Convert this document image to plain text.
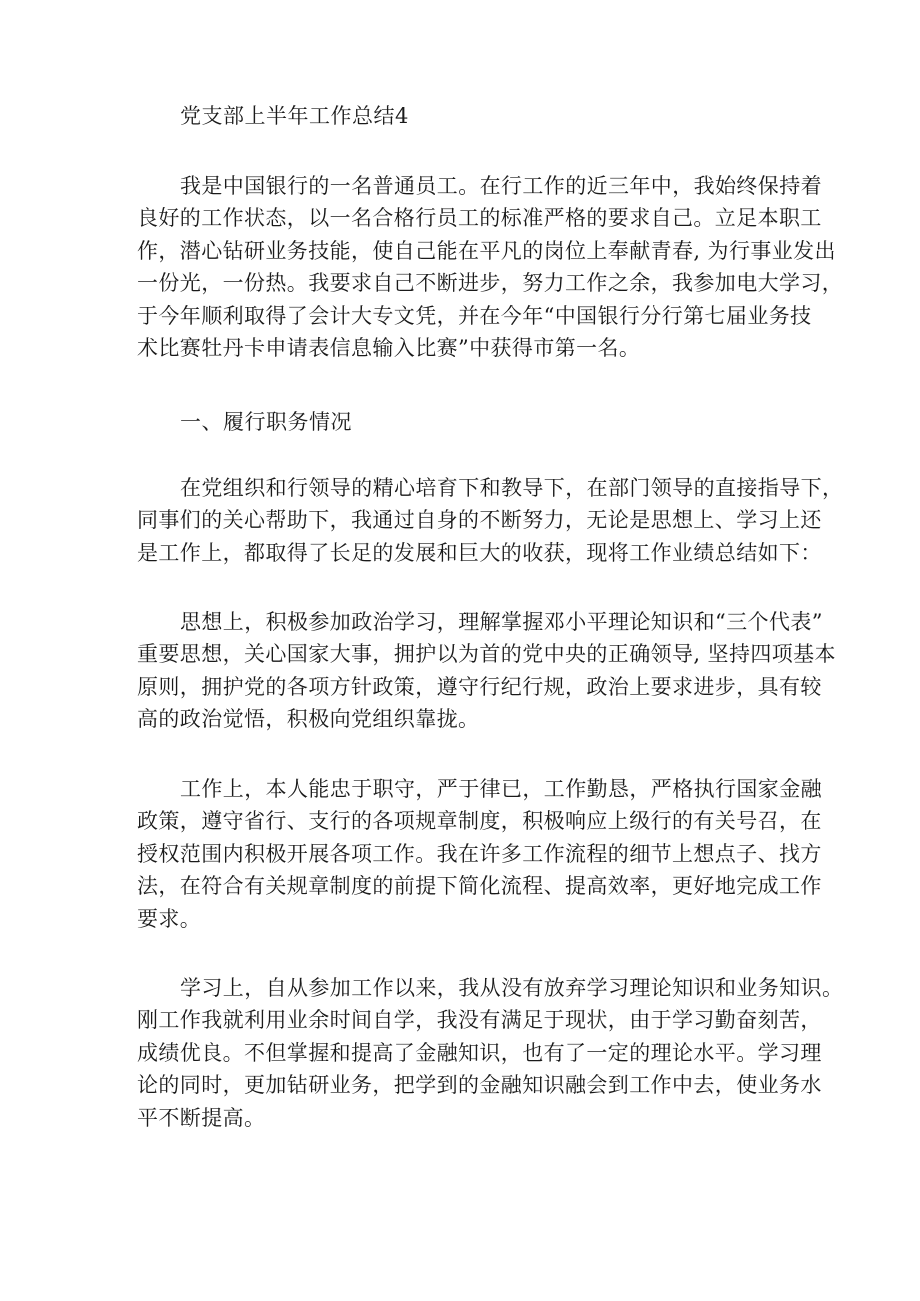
党支部上半年工作总结4
我是中国银行的一名普通员工。在行工作的近三年中，我始终保持着
良好的工作状态，以一名合格行员工的标准严格的要求自己。立足本职工
作，潜心钻研业务技能，使自己能在平凡的岗位上奉献青春, 为行事业发出
一份光，一份热。我要求自己不断进步，努力工作之余，我参加电大学习，
于今年顺利取得了会计大专文凭，并在今年“中国银行分行第七届业务技
术比赛牡丹卡申请表信息输入比赛”中获得市第一名。
一、履行职务情况
在党组织和行领导的精心培育下和教导下，在部门领导的直接指导下，
同事们的关心帮助下，我通过自身的不断努力，无论是思想上、学习上还
是工作上，都取得了长足的发展和巨大的收获，现将工作业绩总结如下：
思想上，积极参加政治学习，理解掌握邓小平理论知识和“三个代表”
重要思想，关心国家大事，拥护以为首的党中央的正确领导, 坚持四项基本
原则，拥护党的各项方针政策，遵守行纪行规，政治上要求进步，具有较
高的政治觉悟，积极向党组织靠拢。
工作上，本人能忠于职守，严于律已，工作勤恳，严格执行国家金融
政策，遵守省行、支行的各项规章制度，积极响应上级行的有关号召，在
授权范围内积极开展各项工作。我在许多工作流程的细节上想点子、找方
法，在符合有关规章制度的前提下简化流程、提高效率，更好地完成工作
要求。
学习上，自从参加工作以来，我从没有放弃学习理论知识和业务知识。
刚工作我就利用业余时间自学，我没有满足于现状，由于学习勤奋刻苦，
成绩优良。不但掌握和提高了金融知识，也有了一定的理论水平。学习理
论的同时，更加钻研业务，把学到的金融知识融会到工作中去，使业务水
平不断提高。
